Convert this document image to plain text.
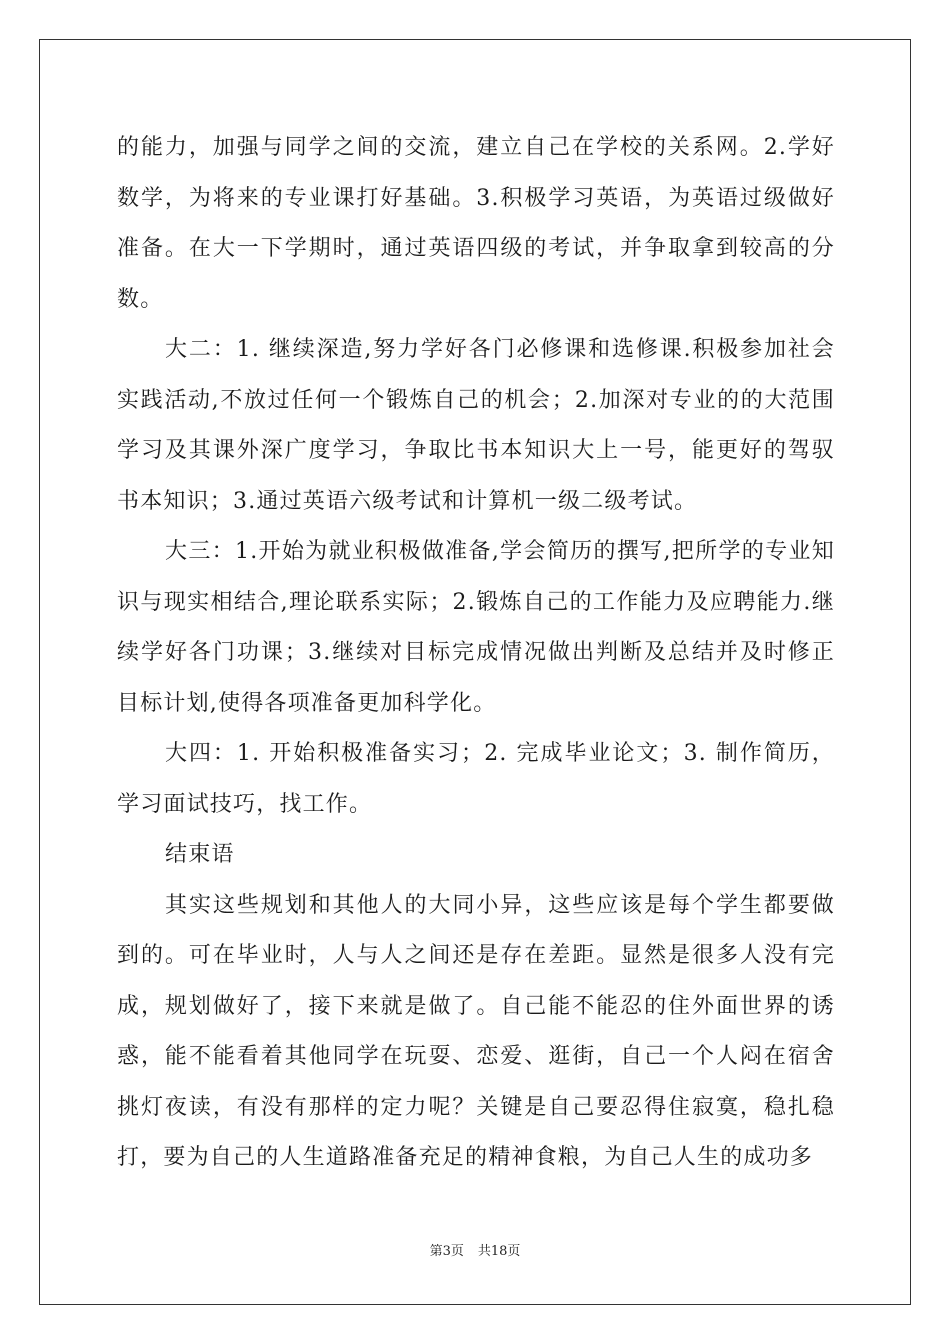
的能力，加强与同学之间的交流，建立自己在学校的关系网。2.学好数学，为将来的专业课打好基础。3.积极学习英语，为英语过级做好准备。在大一下学期时，通过英语四级的考试，并争取拿到较高的分数。

大二：1. 继续深造,努力学好各门必修课和选修课.积极参加社会实践活动,不放过任何一个锻炼自己的机会；2.加深对专业的的大范围学习及其课外深广度学习，争取比书本知识大上一号，能更好的驾驭书本知识；3.通过英语六级考试和计算机一级二级考试。

大三：1.开始为就业积极做准备,学会简历的撰写,把所学的专业知识与现实相结合,理论联系实际；2.锻炼自己的工作能力及应聘能力.继续学好各门功课；3.继续对目标完成情况做出判断及总结并及时修正目标计划,使得各项准备更加科学化。

大四：1. 开始积极准备实习；2. 完成毕业论文；3. 制作简历，学习面试技巧，找工作。

结束语

其实这些规划和其他人的大同小异，这些应该是每个学生都要做到的。可在毕业时，人与人之间还是存在差距。显然是很多人没有完成，规划做好了，接下来就是做了。自己能不能忍的住外面世界的诱惑，能不能看着其他同学在玩耍、恋爱、逛街，自己一个人闷在宿舍挑灯夜读，有没有那样的定力呢？关键是自己要忍得住寂寞，稳扎稳打，要为自己的人生道路准备充足的精神食粮，为自己人生的成功多

第3页 共18页
